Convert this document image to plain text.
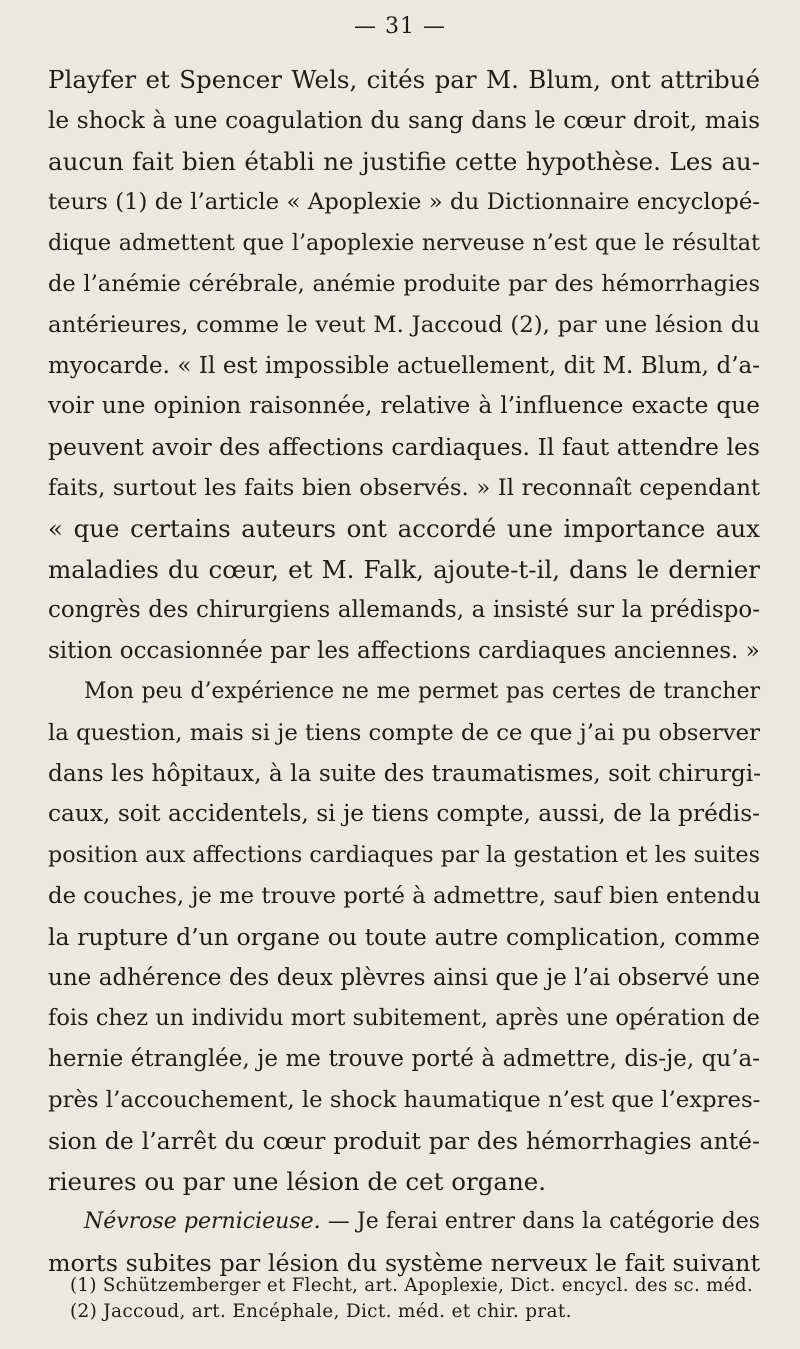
— 31 —
Playfer et Spencer Wels, cités par M. Blum, ont attribué
le shock à une coagulation du sang dans le cœur droit, mais
aucun fait bien établi ne justifie cette hypothèse. Les au-
teurs (1) de l’article « Apoplexie » du Dictionnaire encyclopé-
dique admettent que l’apoplexie nerveuse n’est que le résultat
de l’anémie cérébrale, anémie produite par des hémorrhagies
antérieures, comme le veut M. Jaccoud (2), par une lésion du
myocarde. « Il est impossible actuellement, dit M. Blum, d’a-
voir une opinion raisonnée, relative à l’influence exacte que
peuvent avoir des affections cardiaques. Il faut attendre les
faits, surtout les faits bien observés. » Il reconnaît cependant
« que certains auteurs ont accordé une importance aux
maladies du cœur, et M. Falk, ajoute-t-il, dans le dernier
congrès des chirurgiens allemands, a insisté sur la prédispo-
sition occasionnée par les affections cardiaques anciennes. »
Mon peu d’expérience ne me permet pas certes de trancher
la question, mais si je tiens compte de ce que j’ai pu observer
dans les hôpitaux, à la suite des traumatismes, soit chirurgi-
caux, soit accidentels, si je tiens compte, aussi, de la prédis-
position aux affections cardiaques par la gestation et les suites
de couches, je me trouve porté à admettre, sauf bien entendu
la rupture d’un organe ou toute autre complication, comme
une adhérence des deux plèvres ainsi que je l’ai observé une
fois chez un individu mort subitement, après une opération de
hernie étranglée, je me trouve porté à admettre, dis-je, qu’a-
près l’accouchement, le shock haumatique n’est que l’expres-
sion de l’arrêt du cœur produit par des hémorrhagies anté-
rieures ou par une lésion de cet organe.
Névrose pernicieuse. — Je ferai entrer dans la catégorie des
morts subites par lésion du système nerveux le fait suivant
(1) Schützemberger et Flecht, art. Apoplexie, Dict. encycl. des sc. méd.
(2) Jaccoud, art. Encéphale, Dict. méd. et chir. prat.
